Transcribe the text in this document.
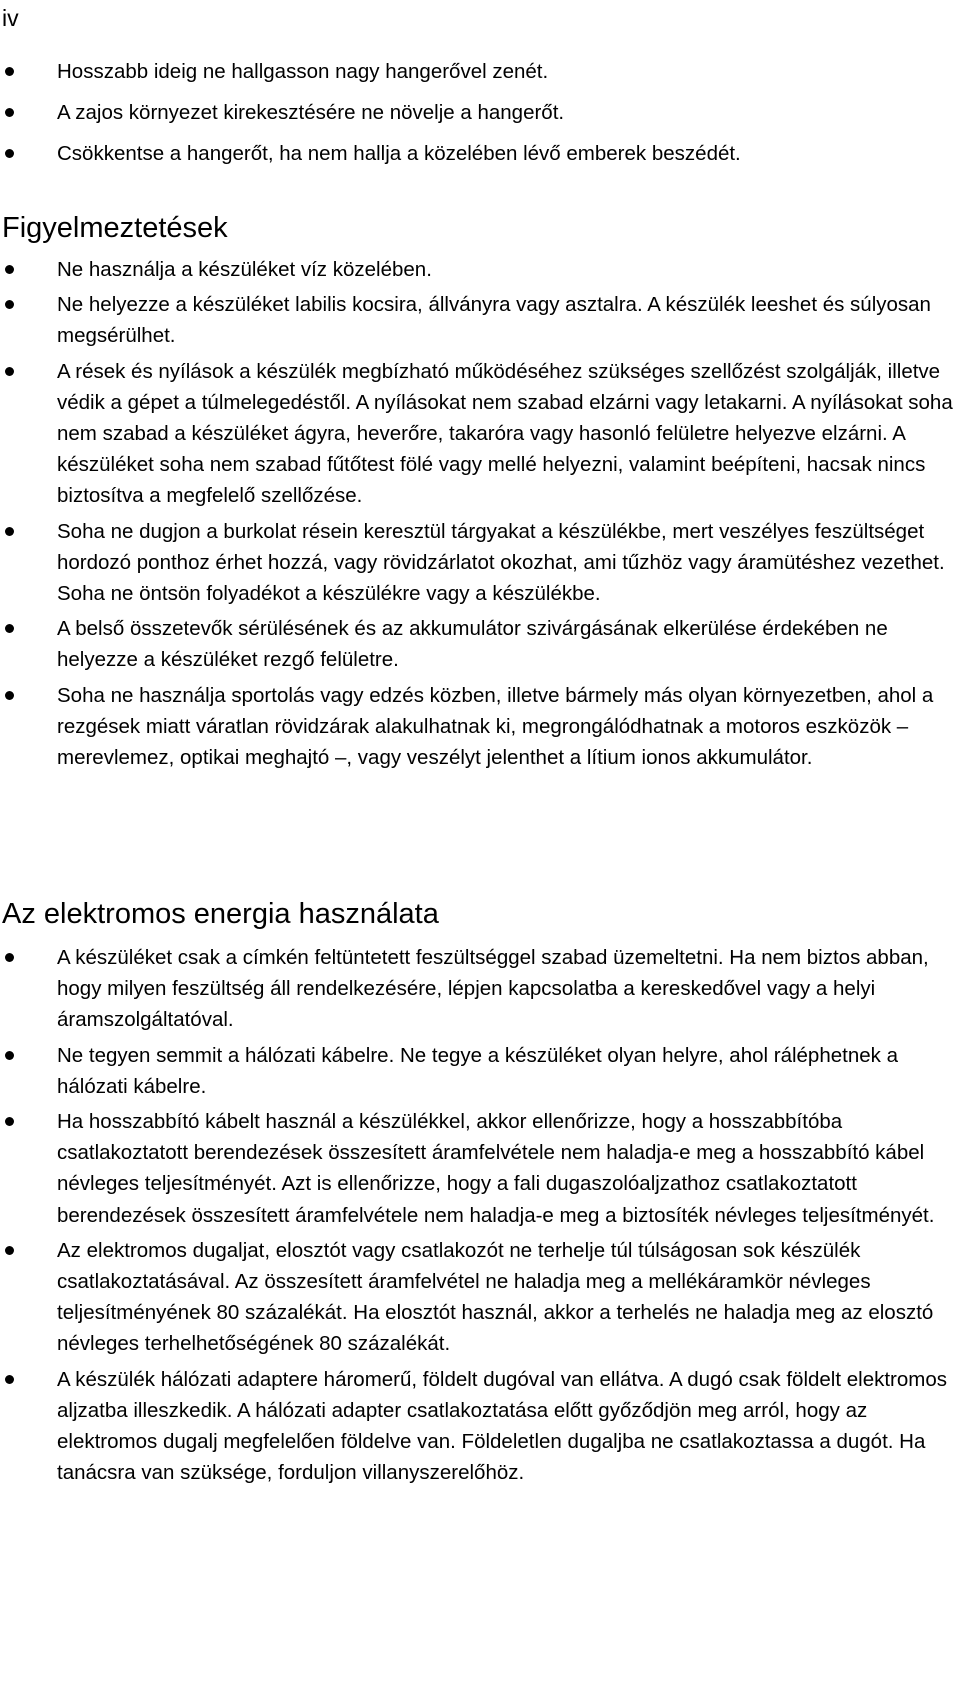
iv
Hosszabb ideig ne hallgasson nagy hangerővel zenét.
A zajos környezet kirekesztésére ne növelje a hangerőt.
Csökkentse a hangerőt, ha nem hallja a közelében lévő emberek beszédét.
Figyelmeztetések
Ne használja a készüléket víz közelében.
Ne helyezze a készüléket labilis kocsira, állványra vagy asztalra. A készülék leeshet és súlyosan megsérülhet.
A rések és nyílások a készülék megbízható működéséhez szükséges szellőzést szolgálják, illetve védik a gépet a túlmelegedéstől. A nyílásokat nem szabad elzárni vagy letakarni. A nyílásokat soha nem szabad a készüléket ágyra, heverőre, takaróra vagy hasonló felületre helyezve elzárni. A készüléket soha nem szabad fűtőtest fölé vagy mellé helyezni, valamint beépíteni, hacsak nincs biztosítva a megfelelő szellőzése.
Soha ne dugjon a burkolat résein keresztül tárgyakat a készülékbe, mert veszélyes feszültséget hordozó ponthoz érhet hozzá, vagy rövidzárlatot okozhat, ami tűzhöz vagy áramütéshez vezethet. Soha ne öntsön folyadékot a készülékre vagy a készülékbe.
A belső összetevők sérülésének és az akkumulátor szivárgásának elkerülése érdekében ne helyezze a készüléket rezgő felületre.
Soha ne használja sportolás vagy edzés közben, illetve bármely más olyan környezetben, ahol a rezgések miatt váratlan rövidzárak alakulhatnak ki, megrongálódhatnak a motoros eszközök – merevlemez, optikai meghajtó –, vagy veszélyt jelenthet a lítium ionos akkumulátor.
Az elektromos energia használata
A készüléket csak a címkén feltüntetett feszültséggel szabad üzemeltetni. Ha nem biztos abban, hogy milyen feszültség áll rendelkezésére, lépjen kapcsolatba a kereskedővel vagy a helyi áramszolgáltatóval.
Ne tegyen semmit a hálózati kábelre. Ne tegye a készüléket olyan helyre, ahol ráléphetnek a hálózati kábelre.
Ha hosszabbító kábelt használ a készülékkel, akkor ellenőrizze, hogy a hosszabbítóba csatlakoztatott berendezések összesített áramfelvétele nem haladja-e meg a hosszabbító kábel névleges teljesítményét. Azt is ellenőrizze, hogy a fali dugaszolóaljzathoz csatlakoztatott berendezések összesített áramfelvétele nem haladja-e meg a biztosíték névleges teljesítményét.
Az elektromos dugaljat, elosztót vagy csatlakozót ne terhelje túl túlságosan sok készülék csatlakoztatásával. Az összesített áramfelvétel ne haladja meg a mellékáramkör névleges teljesítményének 80 százalékát. Ha elosztót használ, akkor a terhelés ne haladja meg az elosztó névleges terhelhetőségének 80 százalékát.
A készülék hálózati adaptere háromerű, földelt dugóval van ellátva. A dugó csak földelt elektromos aljzatba illeszkedik. A hálózati adapter csatlakoztatása előtt győződjön meg arról, hogy az elektromos dugalj megfelelően földelve van. Földeletlen dugaljba ne csatlakoztassa a dugót. Ha tanácsra van szüksége, forduljon villanyszerelőhöz.
